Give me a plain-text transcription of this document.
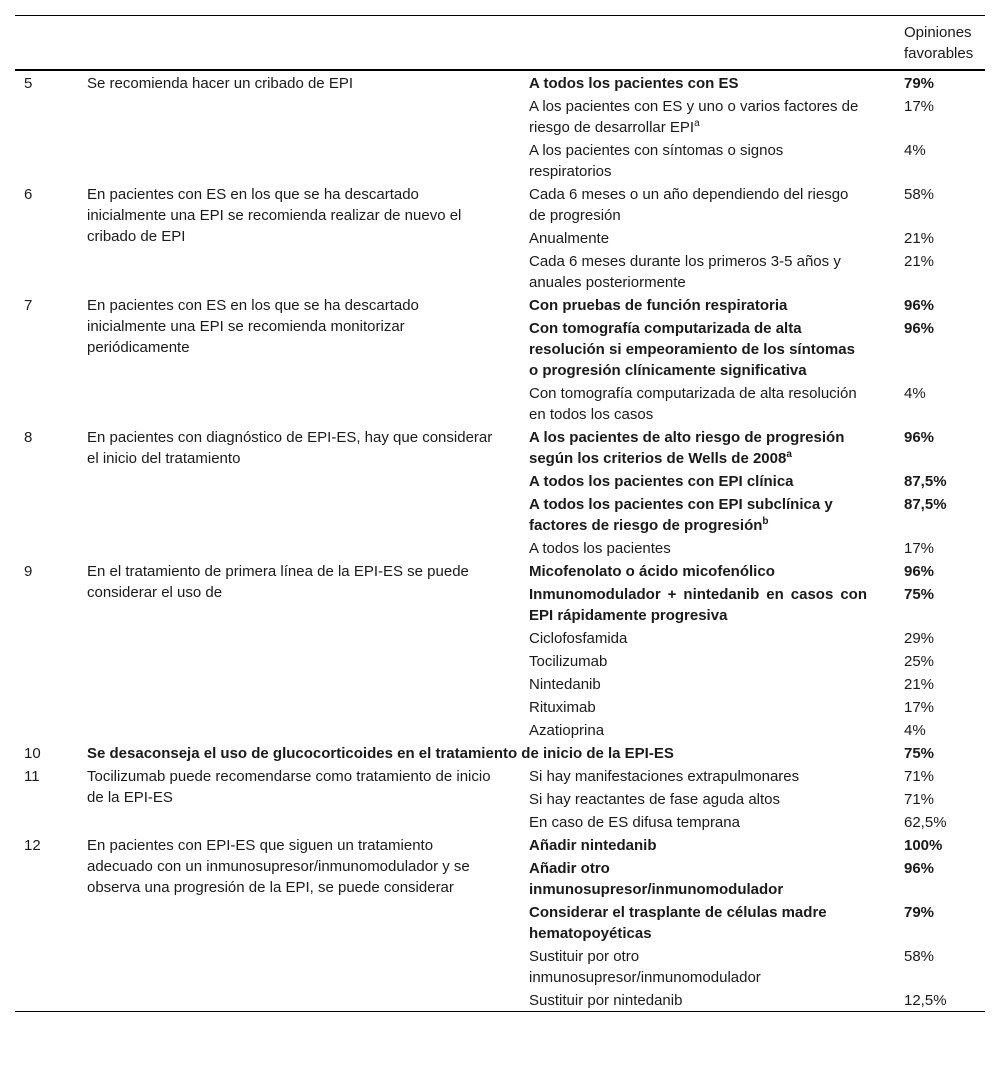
			Opiniones
favorables

5	Se recomienda hacer un cribado de EPI	A todos los pacientes con ES	79%
		A los pacientes con ES y uno o varios factores de riesgo de desarrollar EPI$^a$	17%
		A los pacientes con síntomas o signos respiratorios	4%
6	En pacientes con ES en los que se ha descartado inicialmente una EPI se recomienda realizar de nuevo el cribado de EPI	Cada 6 meses o un año dependiendo del riesgo de progresión	58%
		Anualmente	21%
		Cada 6 meses durante los primeros 3-5 años y anuales posteriormente	21%
7	En pacientes con ES en los que se ha descartado inicialmente una EPI se recomienda monitorizar periódicamente	Con pruebas de función respiratoria	96%
		Con tomografía computarizada de alta resolución si empeoramiento de los síntomas o progresión clínicamente significativa	96%
		Con tomografía computarizada de alta resolución en todos los casos	4%
8	En pacientes con diagnóstico de EPI-ES, hay que considerar el inicio del tratamiento	A los pacientes de alto riesgo de progresión según los criterios de Wells de 2008$^a$	96%
		A todos los pacientes con EPI clínica	87,5%
		A todos los pacientes con EPI subclínica y factores de riesgo de progresión$^b$	87,5%
		A todos los pacientes	17%
9	En el tratamiento de primera línea de la EPI-ES se puede considerar el uso de	Micofenolato o ácido micofenólico	96%
		Inmunomodulador + nintedanib en casos con EPI rápidamente progresiva	75%
		Ciclofosfamida	29%
		Tocilizumab	25%
		Nintedanib	21%
		Rituximab	17%
		Azatioprina	4%
10	Se desaconseja el uso de glucocorticoides en el tratamiento de inicio de la EPI-ES		75%
11	Tocilizumab puede recomendarse como tratamiento de inicio de la EPI-ES	Si hay manifestaciones extrapulmonares	71%
		Si hay reactantes de fase aguda altos	71%
		En caso de ES difusa temprana	62,5%
12	En pacientes con EPI-ES que siguen un tratamiento adecuado con un inmunosupresor/inmunomodulador y se observa una progresión de la EPI, se puede considerar	Añadir nintedanib	100%
		Añadir otro inmunosupresor/inmunomodulador	96%
		Considerar el trasplante de células madre hematopoyéticas	79%
		Sustituir por otro inmunosupresor/inmunomodulador	58%
		Sustituir por nintedanib	12,5%
